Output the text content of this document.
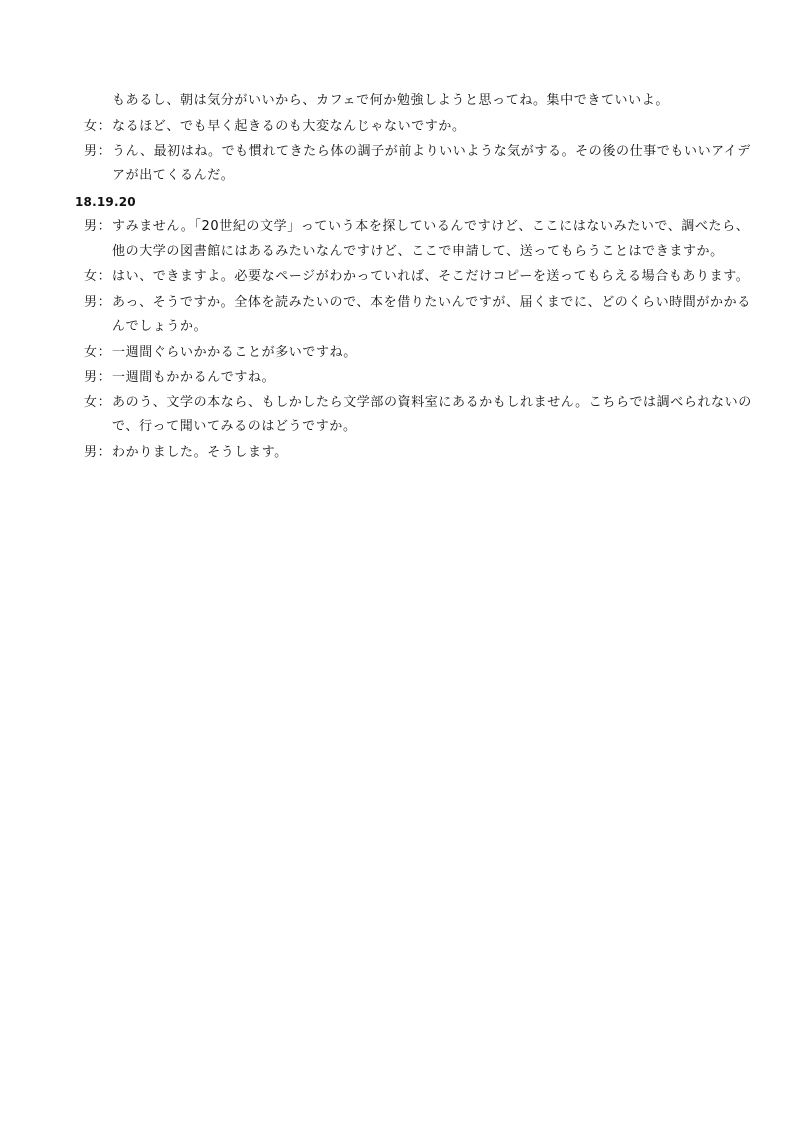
もあるし、朝は気分がいいから、カフェで何か勉強しようと思ってね。集中できていいよ。
女： なるほど、でも早く起きるのも大変なんじゃないですか。
男： うん、最初はね。でも慣れてきたら体の調子が前よりいいような気がする。その後の仕事でもいいアイデ
アが出てくるんだ。
18.19.20
男： すみません。「20世紀の文学」っていう本を探しているんですけど、ここにはないみたいで、調べたら、
他の大学の図書館にはあるみたいなんですけど、ここで申請して、送ってもらうことはできますか。
女： はい、できますよ。必要なページがわかっていれば、そこだけコピーを送ってもらえる場合もあります。
男： あっ、そうですか。全体を読みたいので、本を借りたいんですが、届くまでに、どのくらい時間がかかる
んでしょうか。
女： 一週間ぐらいかかることが多いですね。
男： 一週間もかかるんですね。
女： あのう、文学の本なら、もしかしたら文学部の資料室にあるかもしれません。こちらでは調べられないの
で、行って聞いてみるのはどうですか。
男： わかりました。そうします。
